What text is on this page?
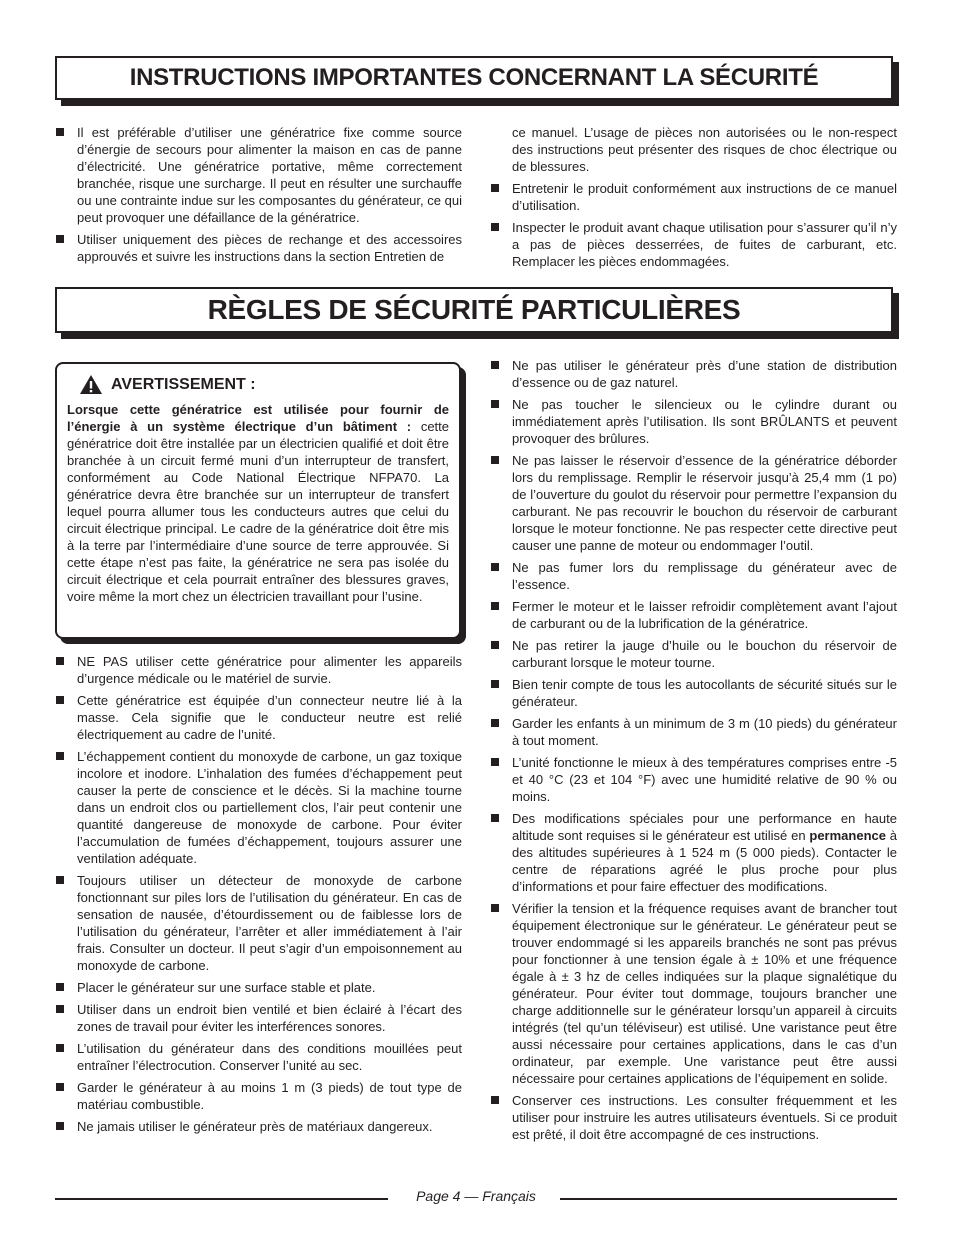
INSTRUCTIONS IMPORTANTES CONCERNANT LA SÉCURITÉ
Il est préférable d’utiliser une génératrice fixe comme source d’énergie de secours pour alimenter la maison en cas de panne d’électricité. Une génératrice portative, même correctement branchée, risque une surcharge. Il peut en résulter une surchauffe ou une contrainte indue sur les composantes du générateur, ce qui peut provoquer une défaillance de la génératrice.
Utiliser uniquement des pièces de rechange et des accessoires approuvés et suivre les instructions dans la section Entretien de

ce manuel. L’usage de pièces non autorisées ou le non-respect des instructions peut présenter des risques de choc électrique ou de blessures.

Entretenir le produit conformément aux instructions de ce manuel d’utilisation.
Inspecter le produit avant chaque utilisation pour s’assurer qu’il n’y a pas de pièces desserrées, de fuites de carburant, etc. Remplacer les pièces endommagées.
RÈGLES DE SÉCURITÉ PARTICULIÈRES
AVERTISSEMENT :
Lorsque cette génératrice est utilisée pour fournir de l’énergie à un système électrique d’un bâtiment : cette génératrice doit être installée par un électricien qualifié et doit être branchée à un circuit fermé muni d’un interrupteur de transfert, conformément au Code National Électrique NFPA70. La génératrice devra être branchée sur un interrupteur de transfert lequel pourra allumer tous les conducteurs autres que celui du circuit électrique principal. Le cadre de la génératrice doit être mis à la terre par l’intermédiaire d’une source de terre approuvée. Si cette étape n’est pas faite, la génératrice ne sera pas isolée du circuit électrique et cela pourrait entraîner des blessures graves, voire même la mort chez un électricien travaillant pour l’usine.
NE PAS utiliser cette génératrice pour alimenter les appareils d’urgence médicale ou le matériel de survie.
Cette génératrice est équipée d’un connecteur neutre lié à la masse. Cela signifie que le conducteur neutre est relié électriquement au cadre de l’unité.
L’échappement contient du monoxyde de carbone, un gaz toxique incolore et inodore. L’inhalation des fumées d’échappement peut causer la perte de conscience et le décès. Si la machine tourne dans un endroit clos ou partiellement clos, l’air peut contenir une quantité dangereuse de monoxyde de carbone. Pour éviter l’accumulation de fumées d’échappement, toujours assurer une ventilation adéquate.
Toujours utiliser un détecteur de monoxyde de carbone fonctionnant sur piles lors de l’utilisation du générateur. En cas de sensation de nausée, d’étourdissement ou de faiblesse lors de l’utilisation du générateur, l’arrêter et aller immédiatement à l’air frais. Consulter un docteur. Il peut s’agir d’un empoisonnement au monoxyde de carbone.
Placer le générateur sur une surface stable et plate.
Utiliser dans un endroit bien ventilé et bien éclairé à l’écart des zones de travail pour éviter les interférences sonores.
L’utilisation du générateur dans des conditions mouillées peut entraîner l’électrocution. Conserver l’unité au sec.
Garder le générateur à au moins 1 m (3 pieds) de tout type de matériau combustible.
Ne jamais utiliser le générateur près de matériaux dangereux.
Ne pas utiliser le générateur près d’une station de distribution d’essence ou de gaz naturel.
Ne pas toucher le silencieux ou le cylindre durant ou immédiatement après l’utilisation. Ils sont BRÛLANTS et peuvent provoquer des brûlures.
Ne pas laisser le réservoir d’essence de la génératrice déborder lors du remplissage. Remplir le réservoir jusqu’à 25,4 mm (1 po) de l’ouverture du goulot du réservoir pour permettre l’expansion du carburant. Ne pas recouvrir le bouchon du réservoir de carburant lorsque le moteur fonctionne. Ne pas respecter cette directive peut causer une panne de moteur ou endommager l’outil.
Ne pas fumer lors du remplissage du générateur avec de l’essence.
Fermer le moteur et le laisser refroidir complètement avant l’ajout de carburant ou de la lubrification de la génératrice.
Ne pas retirer la jauge d’huile ou le bouchon du réservoir de carburant lorsque le moteur tourne.
Bien tenir compte de tous les autocollants de sécurité situés sur le générateur.
Garder les enfants à un minimum de 3 m (10 pieds) du générateur à tout moment.
L’unité fonctionne le mieux à des températures comprises entre -5 et 40 °C (23 et 104 °F) avec une humidité relative de 90 % ou moins.
Des modifications spéciales pour une performance en haute altitude sont requises si le générateur est utilisé en permanence à des altitudes supérieures à 1 524 m (5 000 pieds). Contacter le centre de réparations agréé le plus proche pour plus d’informations et pour faire effectuer des modifications.
Vérifier la tension et la fréquence requises avant de brancher tout équipement électronique sur le générateur. Le générateur peut se trouver endommagé si les appareils branchés ne sont pas prévus pour fonctionner à une tension égale à ± 10% et une fréquence égale à ± 3 hz de celles indiquées sur la plaque signalétique du générateur. Pour éviter tout dommage, toujours brancher une charge additionnelle sur le générateur lorsqu’un appareil à circuits intégrés (tel qu’un téléviseur) est utilisé. Une varistance peut être aussi nécessaire pour certaines applications, dans le cas d’un ordinateur, par exemple. Une varistance peut être aussi nécessaire pour certaines applications de l’équipement en solide.
Conserver ces instructions. Les consulter fréquemment et les utiliser pour instruire les autres utilisateurs éventuels. Si ce produit est prêté, il doit être accompagné de ces instructions.
Page 4 — Français
